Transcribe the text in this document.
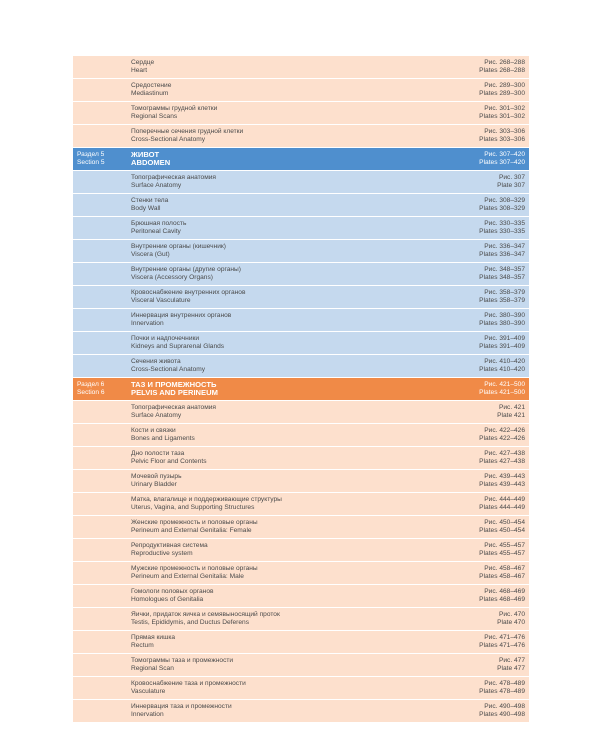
Сердце
Heart
Рис. 268–288
Plates 268–288
Средостение
Mediastinum
Рис. 289–300
Plates 289–300
Томограммы грудной клетки
Regional Scans
Рис. 301–302
Plates 301–302
Поперечные сечения грудной клетки
Cross-Sectional Anatomy
Рис. 303–306
Plates 303–306
Раздел 5
Section 5
ЖИВОТ
ABDOMEN
Рис. 307–420
Plates 307–420
Топографическая анатомия
Surface Anatomy
Рис. 307
Plate 307
Стенки тела
Body Wall
Рис. 308–329
Plates 308–329
Брюшная полость
Peritoneal Cavity
Рис. 330–335
Plates 330–335
Внутренние органы (кишечник)
Viscera (Gut)
Рис. 336–347
Plates 336–347
Внутренние органы (другие органы)
Viscera (Accessory Organs)
Рис. 348–357
Plates 348–357
Кровоснабжение внутренних органов
Visceral Vasculature
Рис. 358–379
Plates 358–379
Иннервация внутренних органов
Innervation
Рис. 380–390
Plates 380–390
Почки и надпочечники
Kidneys and Suprarenal Glands
Рис. 391–409
Plates 391–409
Сечения живота
Cross-Sectional Anatomy
Рис. 410–420
Plates 410–420
Раздел 6
Section 6
ТАЗ И ПРОМЕЖНОСТЬ
PELVIS AND PERINEUM
Рис. 421–500
Plates 421–500
Топографическая анатомия
Surface Anatomy
Рис. 421
Plate 421
Кости и связки
Bones and Ligaments
Рис. 422–426
Plates 422–426
Дно полости таза
Pelvic Floor and Contents
Рис. 427–438
Plates 427–438
Мочевой пузырь
Urinary Bladder
Рис. 439–443
Plates 439–443
Матка, влагалище и поддерживающие структуры
Uterus, Vagina, and Supporting Structures
Рис. 444–449
Plates 444–449
Женские промежность и половые органы
Perineum and External Genitalia: Female
Рис. 450–454
Plates 450–454
Репродуктивная система
Reproductive system
Рис. 455–457
Plates 455–457
Мужские промежность и половые органы
Perineum and External Genitalia: Male
Рис. 458–467
Plates 458–467
Гомологи половых органов
Homologues of Genitalia
Рис. 468–469
Plates 468–469
Яички, придаток яичка и семявыносящий проток
Testis, Epididymis, and Ductus Deferens
Рис. 470
Plate 470
Прямая кишка
Rectum
Рис. 471–476
Plates 471–476
Томограммы таза и промежности
Regional Scan
Рис. 477
Plate 477
Кровоснабжение таза и промежности
Vasculature
Рис. 478–489
Plates 478–489
Иннервация таза и промежности
Innervation
Рис. 490–498
Plates 490–498
